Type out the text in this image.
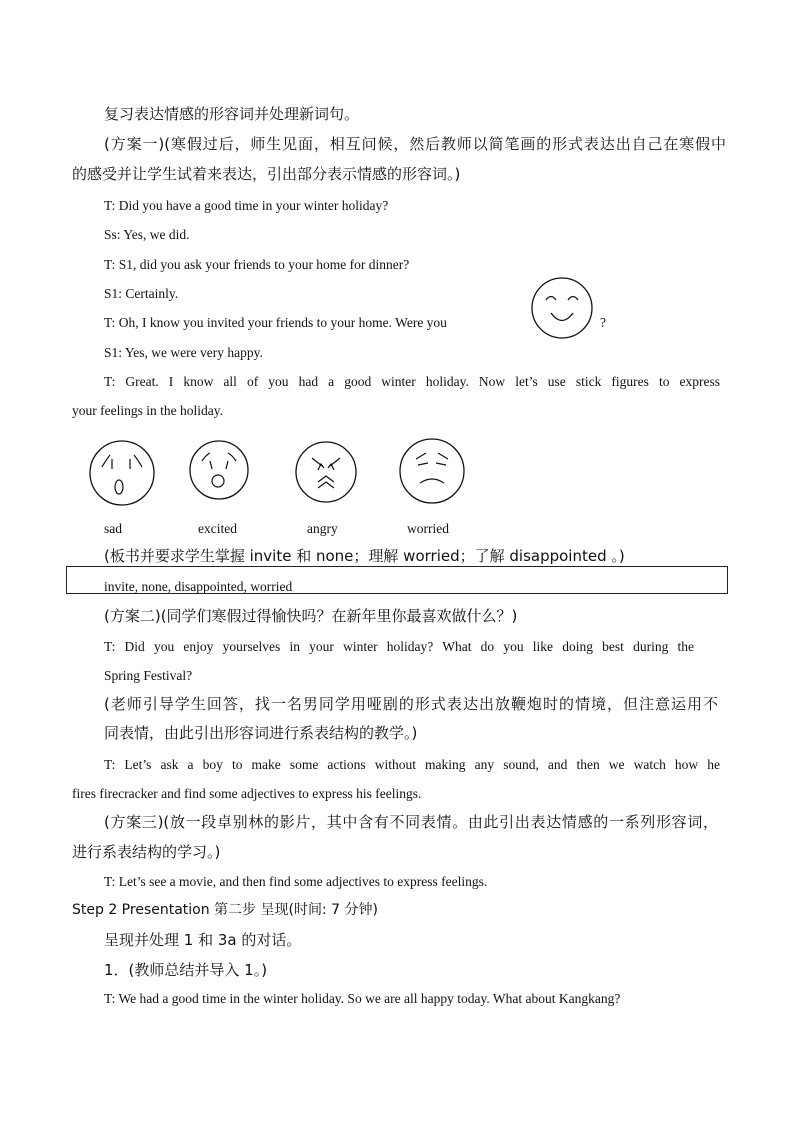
复习表达情感的形容词并处理新词句。
(方案一)(寒假过后，师生见面，相互问候，然后教师以简笔画的形式表达出自己在寒假中
的感受并让学生试着来表达，引出部分表示情感的形容词。)
T: Did you have a good time in your winter holiday?
Ss: Yes, we did.
T: S1, did you ask your friends to your home for dinner?
S1: Certainly.
T: Oh, I know you invited your friends to your home. Were you	?
S1: Yes, we were very happy.
T: Great. I know all of you had a good winter holiday. Now let’s use stick figures to express
your feelings in the holiday.
sad	excited	angry	worried
(板书并要求学生掌握 invite 和 none；理解 worried；了解 disappointed 。)
invite, none, disappointed, worried
(方案二)(同学们寒假过得愉快吗？在新年里你最喜欢做什么？)
T: Did you enjoy yourselves in your winter holiday? What do you like doing best during the
Spring Festival?
(老师引导学生回答，找一名男同学用哑剧的形式表达出放鞭炮时的情境，但注意运用不
同表情，由此引出形容词进行系表结构的教学。)
T: Let’s ask a boy to make some actions without making any sound, and then we watch how he
fires firecracker and find some adjectives to express his feelings.
(方案三)(放一段卓别林的影片，其中含有不同表情。由此引出表达情感的一系列形容词，
进行系表结构的学习。)
T: Let’s see a movie, and then find some adjectives to express feelings.
Step 2 Presentation 第二步 呈现(时间: 7 分钟)
呈现并处理 1 和 3a 的对话。
1．(教师总结并导入 1。)
T: We had a good time in the winter holiday. So we are all happy today. What about Kangkang?
